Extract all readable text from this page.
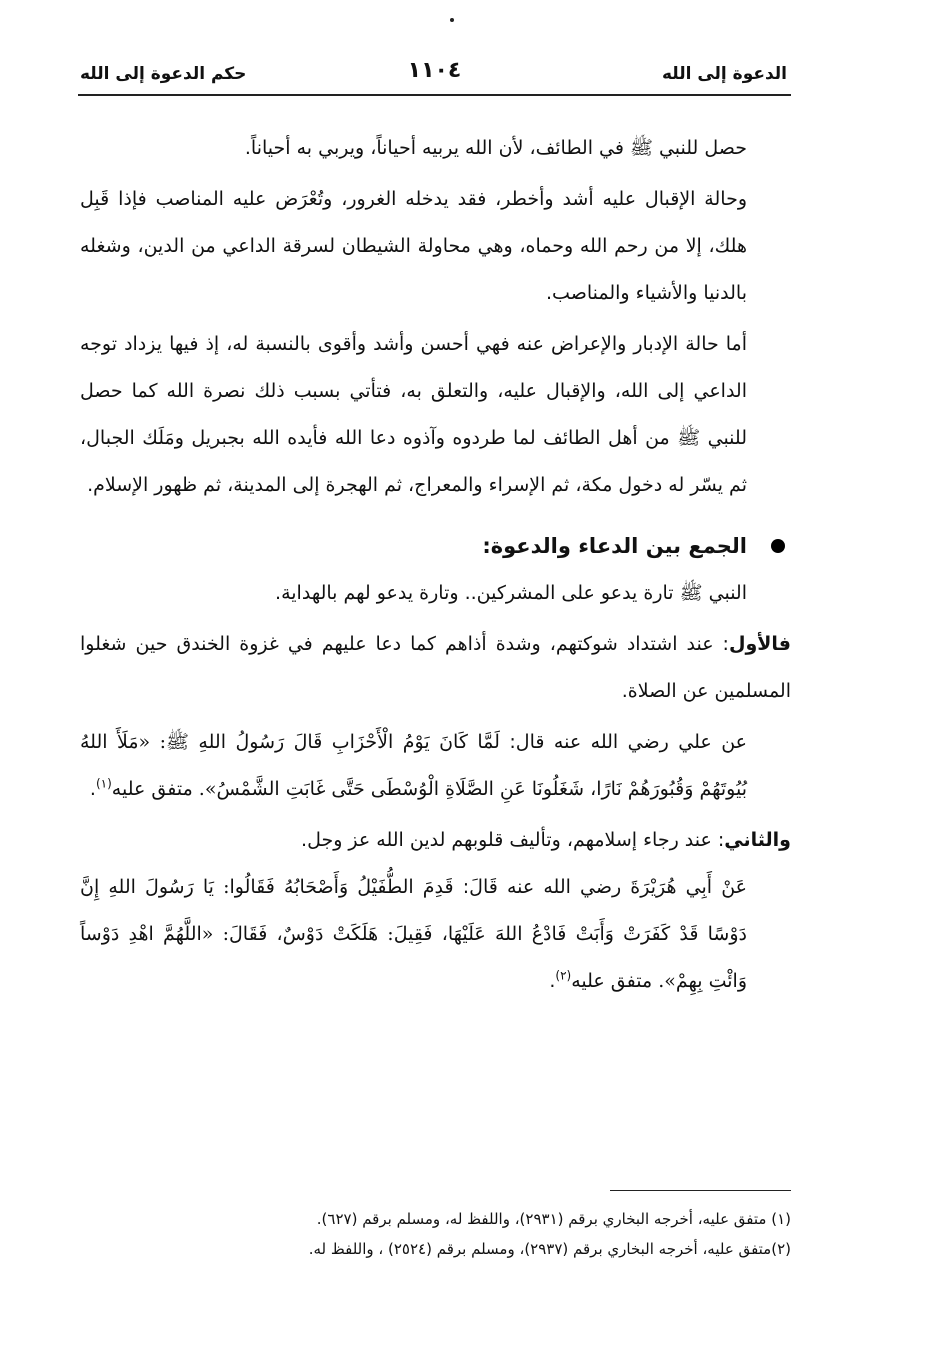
الدعوة إلى الله
١١٠٤
حكم الدعوة إلى الله

حصل للنبي ﷺ في الطائف، لأن الله يربيه أحياناً، ويربي به أحياناً.

وحالة الإقبال عليه أشد وأخطر، فقد يدخله الغرور، وتُعْرَض عليه المناصب فإذا قَبِل هلك، إلا من رحم الله وحماه، وهي محاولة الشيطان لسرقة الداعي من الدين، وشغله بالدنيا والأشياء والمناصب.

أما حالة الإدبار والإعراض عنه فهي أحسن وأشد وأقوى بالنسبة له، إذ فيها يزداد توجه الداعي إلى الله، والإقبال عليه، والتعلق به، فتأتي بسبب ذلك نصرة الله كما حصل للنبي ﷺ من أهل الطائف لما طردوه وآذوه دعا الله فأيده الله بجبريل ومَلَك الجبال، ثم يسّر له دخول مكة، ثم الإسراء والمعراج، ثم الهجرة إلى المدينة، ثم ظهور الإسلام.

الجمع بين الدعاء والدعوة:

النبي ﷺ تارة يدعو على المشركين.. وتارة يدعو لهم بالهداية.

فالأول: عند اشتداد شوكتهم، وشدة أذاهم كما دعا عليهم في غزوة الخندق حين شغلوا المسلمين عن الصلاة.

عن علي رضي الله عنه قال: لَمَّا كَانَ يَوْمُ الْأَحْزَابِ قَالَ رَسُولُ اللهِ ﷺ: «مَلَأَ اللهُ بُيُوتَهُمْ وَقُبُورَهُمْ نَارًا، شَغَلُونَا عَنِ الصَّلَاةِ الْوُسْطَى حَتَّى غَابَتِ الشَّمْسُ». متفق عليه$^{(١)}$.

والثاني: عند رجاء إسلامهم، وتأليف قلوبهم لدين الله عز وجل.

عَنْ أَبِي هُرَيْرَةَ رضي الله عنه قَالَ: قَدِمَ الطُّفَيْلُ وَأَصْحَابُهُ فَقَالُوا: يَا رَسُولَ اللهِ إِنَّ دَوْسًا قَدْ كَفَرَتْ وَأَبَتْ فَادْعُ اللهَ عَلَيْهَا، فَقِيلَ: هَلَكَتْ دَوْسٌ، فَقَالَ: «اللَّهُمَّ اهْدِ دَوْساً وَائْتِ بِهِمْ». متفق عليه$^{(٢)}$.

(١) متفق عليه، أخرجه البخاري برقم (٢٩٣١)، واللفظ له، ومسلم برقم (٦٢٧).

(٢)متفق عليه، أخرجه البخاري برقم (٢٩٣٧)، ومسلم برقم (٢٥٢٤) ، واللفظ له.
